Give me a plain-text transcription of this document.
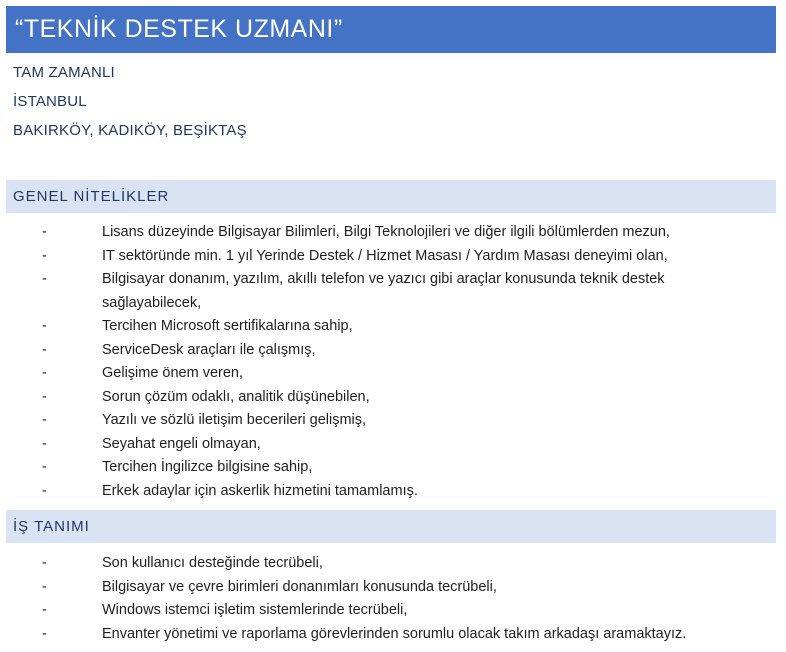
“TEKNİK DESTEK UZMANI”
TAM ZAMANLI
İSTANBUL
BAKIRKÖY, KADIKÖY, BEŞİKTAŞ
GENEL NİTELİKLER
-	Lisans düzeyinde Bilgisayar Bilimleri, Bilgi Teknolojileri ve diğer ilgili bölümlerden mezun,
-	IT sektöründe min. 1 yıl Yerinde Destek / Hizmet Masası / Yardım Masası deneyimi olan,
-	Bilgisayar donanım, yazılım, akıllı telefon ve yazıcı gibi araçlar konusunda teknik destek sağlayabilecek,
-	Tercihen Microsoft sertifikalarına sahip,
-	ServiceDesk araçları ile çalışmış,
-	Gelişime önem veren,
-	Sorun çözüm odaklı, analitik düşünebilen,
-	Yazılı ve sözlü iletişim becerileri gelişmiş,
-	Seyahat engeli olmayan,
-	Tercihen İngilizce bilgisine sahip,
-	Erkek adaylar için askerlik hizmetini tamamlamış.
İŞ TANIMI
-	Son kullanıcı desteğinde tecrübeli,
-	Bilgisayar ve çevre birimleri donanımları konusunda tecrübeli,
-	Windows istemci işletim sistemlerinde tecrübeli,
-	Envanter yönetimi ve raporlama görevlerinden sorumlu olacak takım arkadaşı aramaktayız.
